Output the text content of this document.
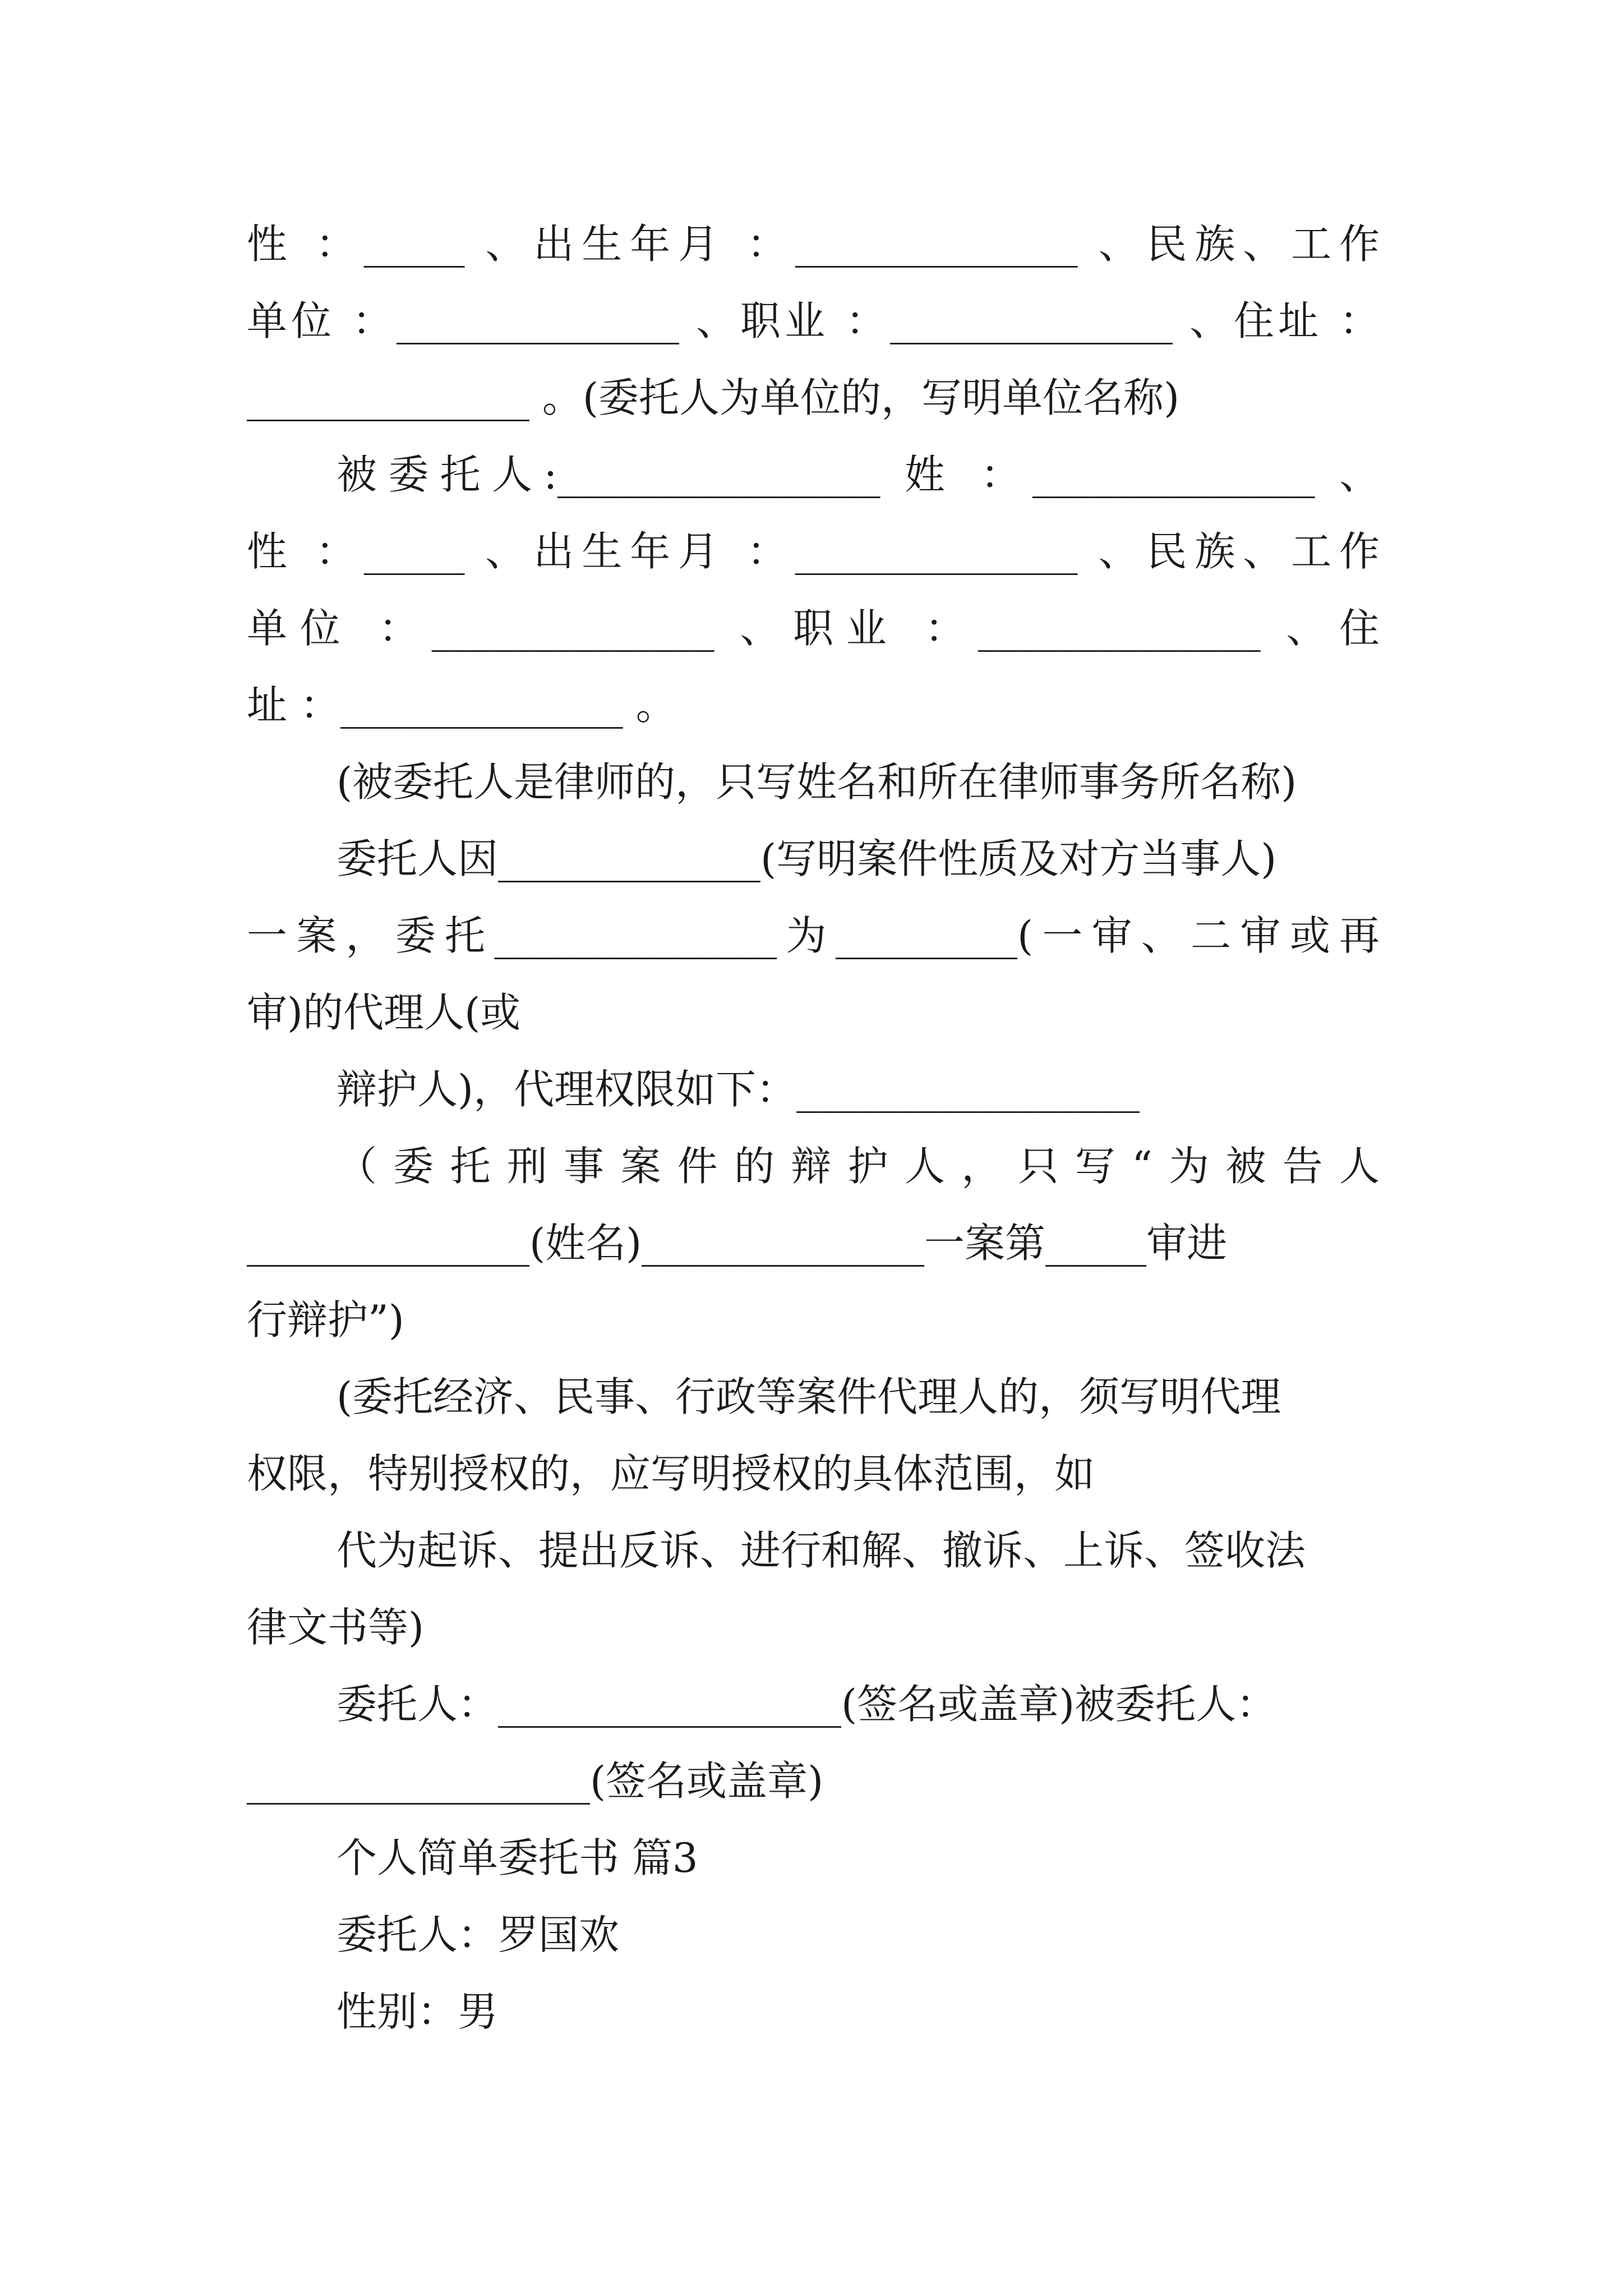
性 ：_____ 、出生年月 ：______________ 、民族、工作
单位 ：______________ 、职业 ：______________ 、住址 ：
______________ 。(委托人为单位的，写明单位名称)
被委托人:________________ 姓 ：______________ 、
性 ：_____ 、出生年月 ：______________ 、民族、工作
单位 ：______________ 、职业 ：______________ 、住
址 ：______________ 。
(被委托人是律师的，只写姓名和所在律师事务所名称)
委托人因_____________(写明案件性质及对方当事人)
一案，委托______________为_________(一审、二审或再
审)的代理人(或
辩护人)，代理权限如下：_________________
（委托刑事案件的辩护人，只写“为被告人
______________(姓名)______________一案第_____审进
行辩护”)
(委托经济、民事、行政等案件代理人的，须写明代理
权限，特别授权的，应写明授权的具体范围，如
代为起诉、提出反诉、进行和解、撤诉、上诉、签收法
律文书等)
委托人：_________________(签名或盖章)被委托人：
_________________(签名或盖章)
个人简单委托书 篇3
委托人：罗国欢
性别：男
